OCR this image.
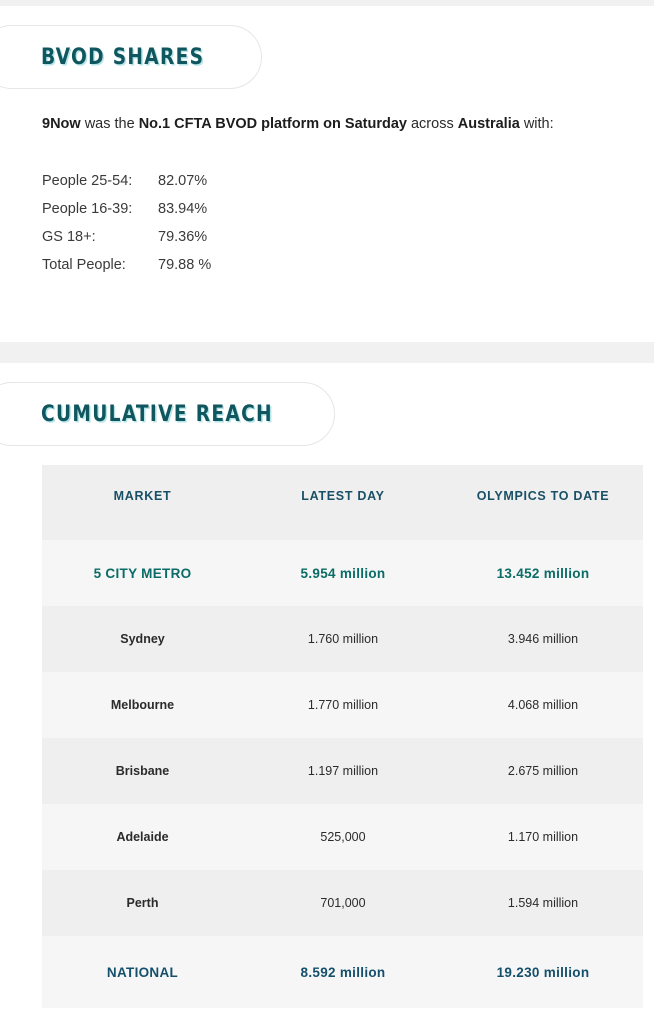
BVOD SHARES

9Now was the No.1 CFTA BVOD platform on Saturday across Australia with:

People 25-54:	82.07%
People 16-39:	83.94%
GS 18+:	79.36%
Total People:	79.88 %
CUMULATIVE REACH
MARKET	LATEST DAY	OLYMPICS TO DATE
5 CITY METRO	5.954 million	13.452 million
Sydney	1.760 million	3.946 million
Melbourne	1.770 million	4.068 million
Brisbane	1.197 million	2.675 million
Adelaide	525,000	1.170 million
Perth	701,000	1.594 million
NATIONAL	8.592 million	19.230 million
